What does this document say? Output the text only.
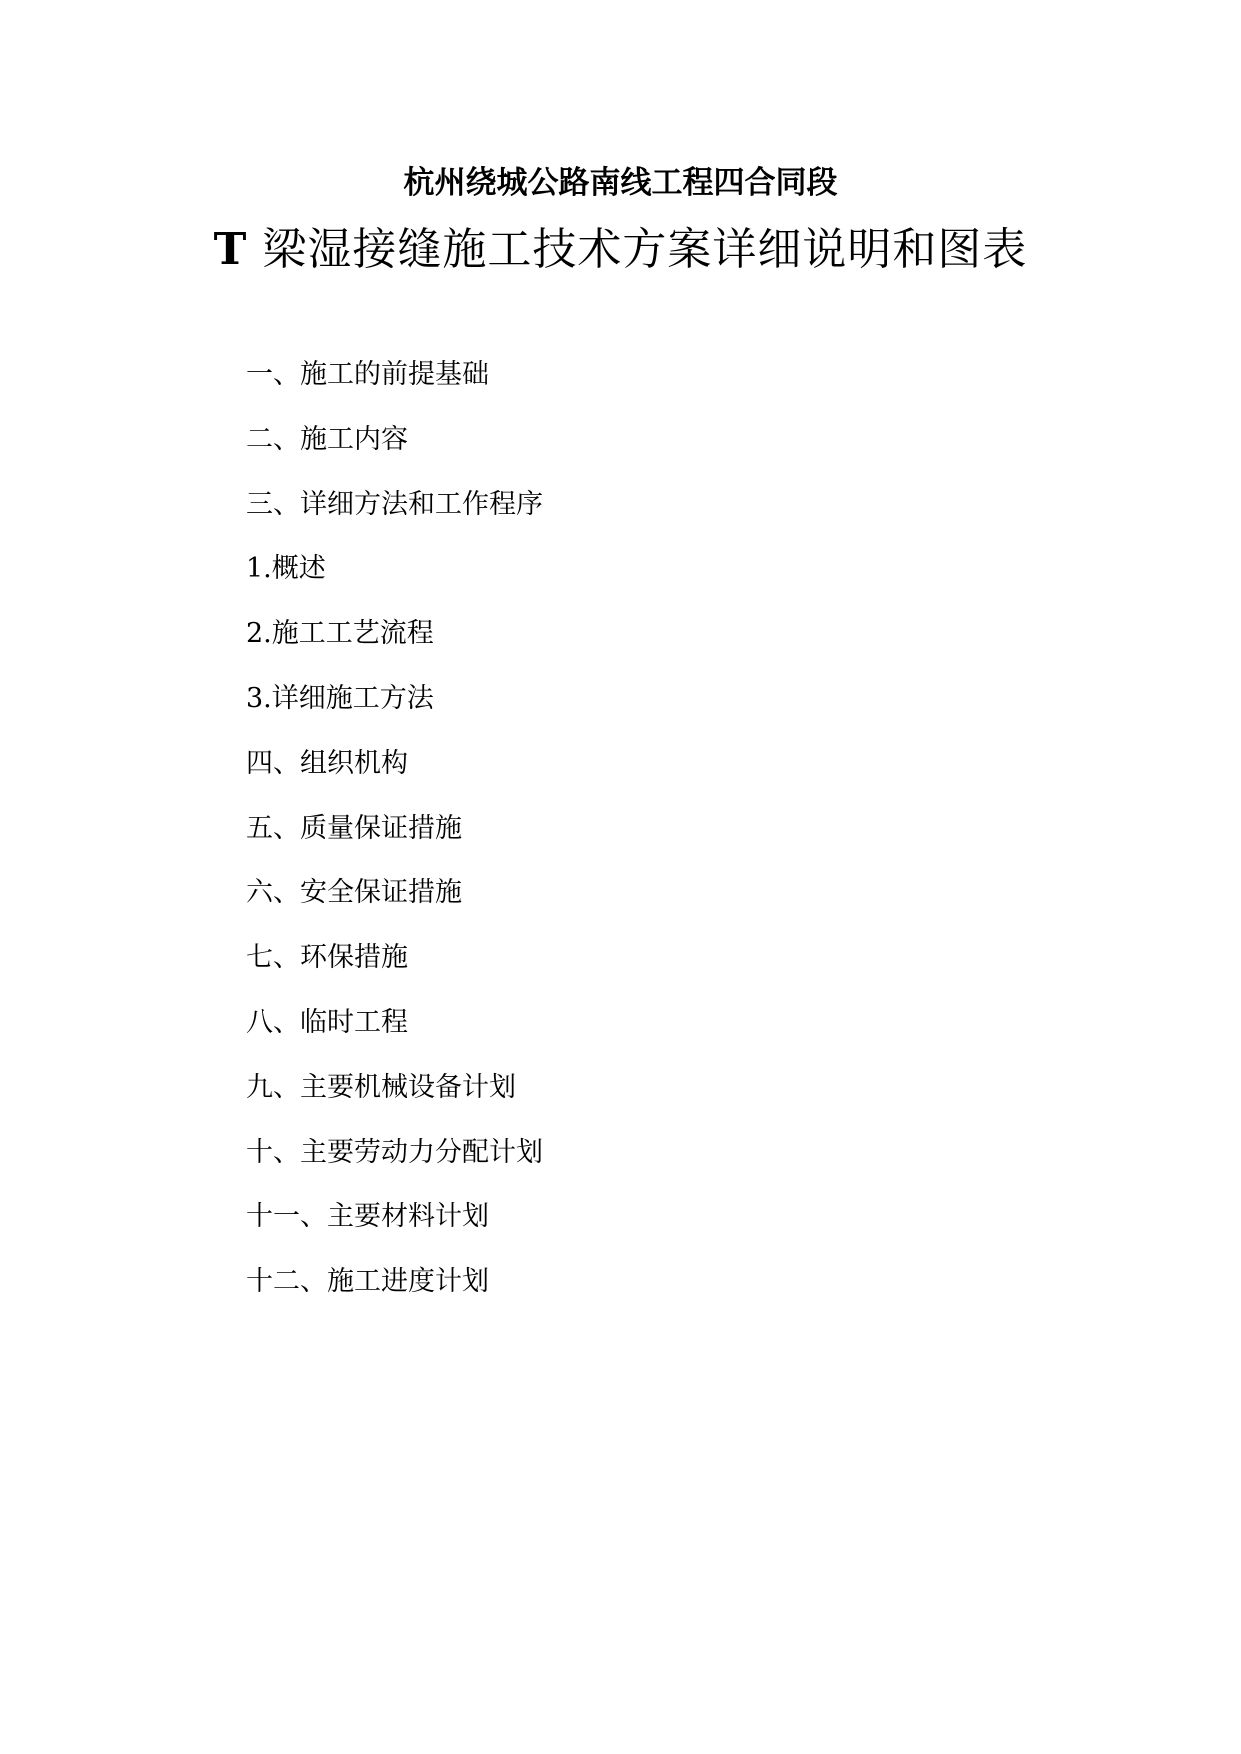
杭州绕城公路南线工程四合同段
T 梁湿接缝施工技术方案详细说明和图表
一、施工的前提基础
二、施工内容
三、详细方法和工作程序
1.概述
2.施工工艺流程
3.详细施工方法
四、组织机构
五、质量保证措施
六、安全保证措施
七、环保措施
八、临时工程
九、主要机械设备计划
十、主要劳动力分配计划
十一、主要材料计划
十二、施工进度计划
